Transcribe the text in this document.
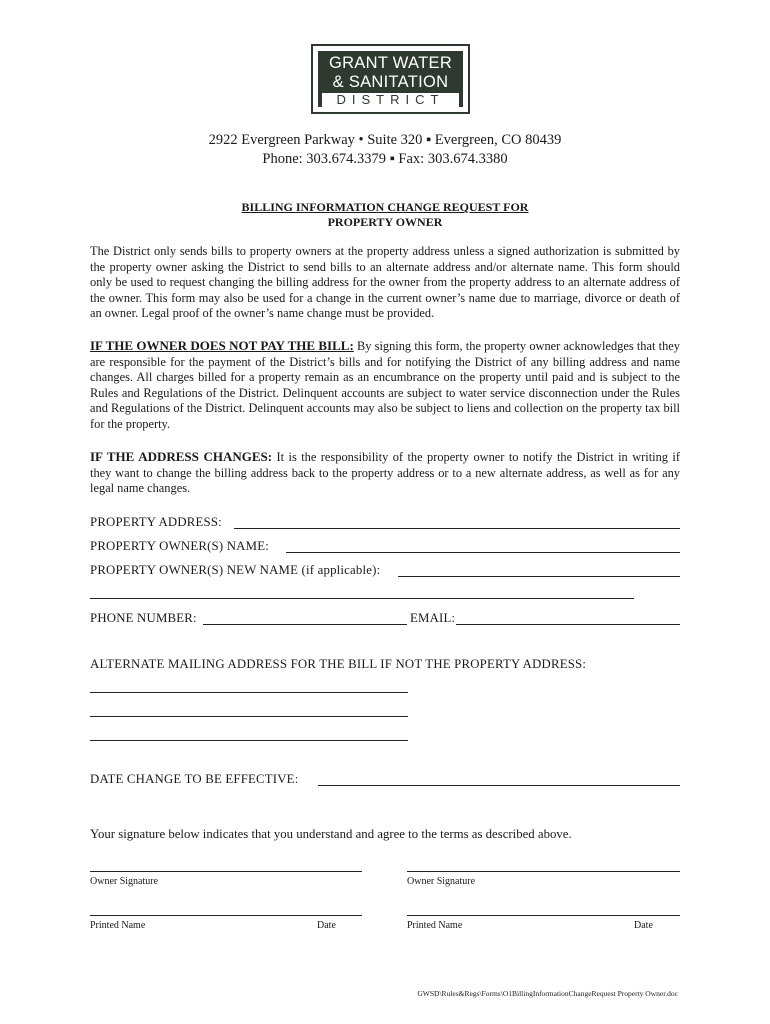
GRANT WATER
& SANITATION
DISTRICT
2922 Evergreen Parkway • Suite 320 ▪ Evergreen, CO 80439
Phone: 303.674.3379 ▪ Fax: 303.674.3380
BILLING INFORMATION CHANGE REQUEST FOR
PROPERTY OWNER
The District only sends bills to property owners at the property address unless a signed authorization is submitted by the property owner asking the District to send bills to an alternate address and/or alternate name. This form should only be used to request changing the billing address for the owner from the property address to an alternate address of the owner. This form may also be used for a change in the current owner’s name due to marriage, divorce or death of an owner. Legal proof of the owner’s name change must be provided.
IF THE OWNER DOES NOT PAY THE BILL: By signing this form, the property owner acknowledges that they are responsible for the payment of the District’s bills and for notifying the District of any billing address and name changes. All charges billed for a property remain as an encumbrance on the property until paid and is subject to the Rules and Regulations of the District. Delinquent accounts are subject to water service disconnection under the Rules and Regulations of the District. Delinquent accounts may also be subject to liens and collection on the property tax bill for the property.
IF THE ADDRESS CHANGES: It is the responsibility of the property owner to notify the District in writing if they want to change the billing address back to the property address or to a new alternate address, as well as for any legal name changes.
PROPERTY ADDRESS:
PROPERTY OWNER(S) NAME:
PROPERTY OWNER(S) NEW NAME (if applicable):
PHONE NUMBER:	EMAIL:
ALTERNATE MAILING ADDRESS FOR THE BILL IF NOT THE PROPERTY ADDRESS:
DATE CHANGE TO BE EFFECTIVE:
Your signature below indicates that you understand and agree to the terms as described above.
Owner Signature	Owner Signature
Printed Name	Date	Printed Name	Date
GWSD\Rules&Regs\Forms\O1BillingInformationChangeRequest Property Owner.doc
